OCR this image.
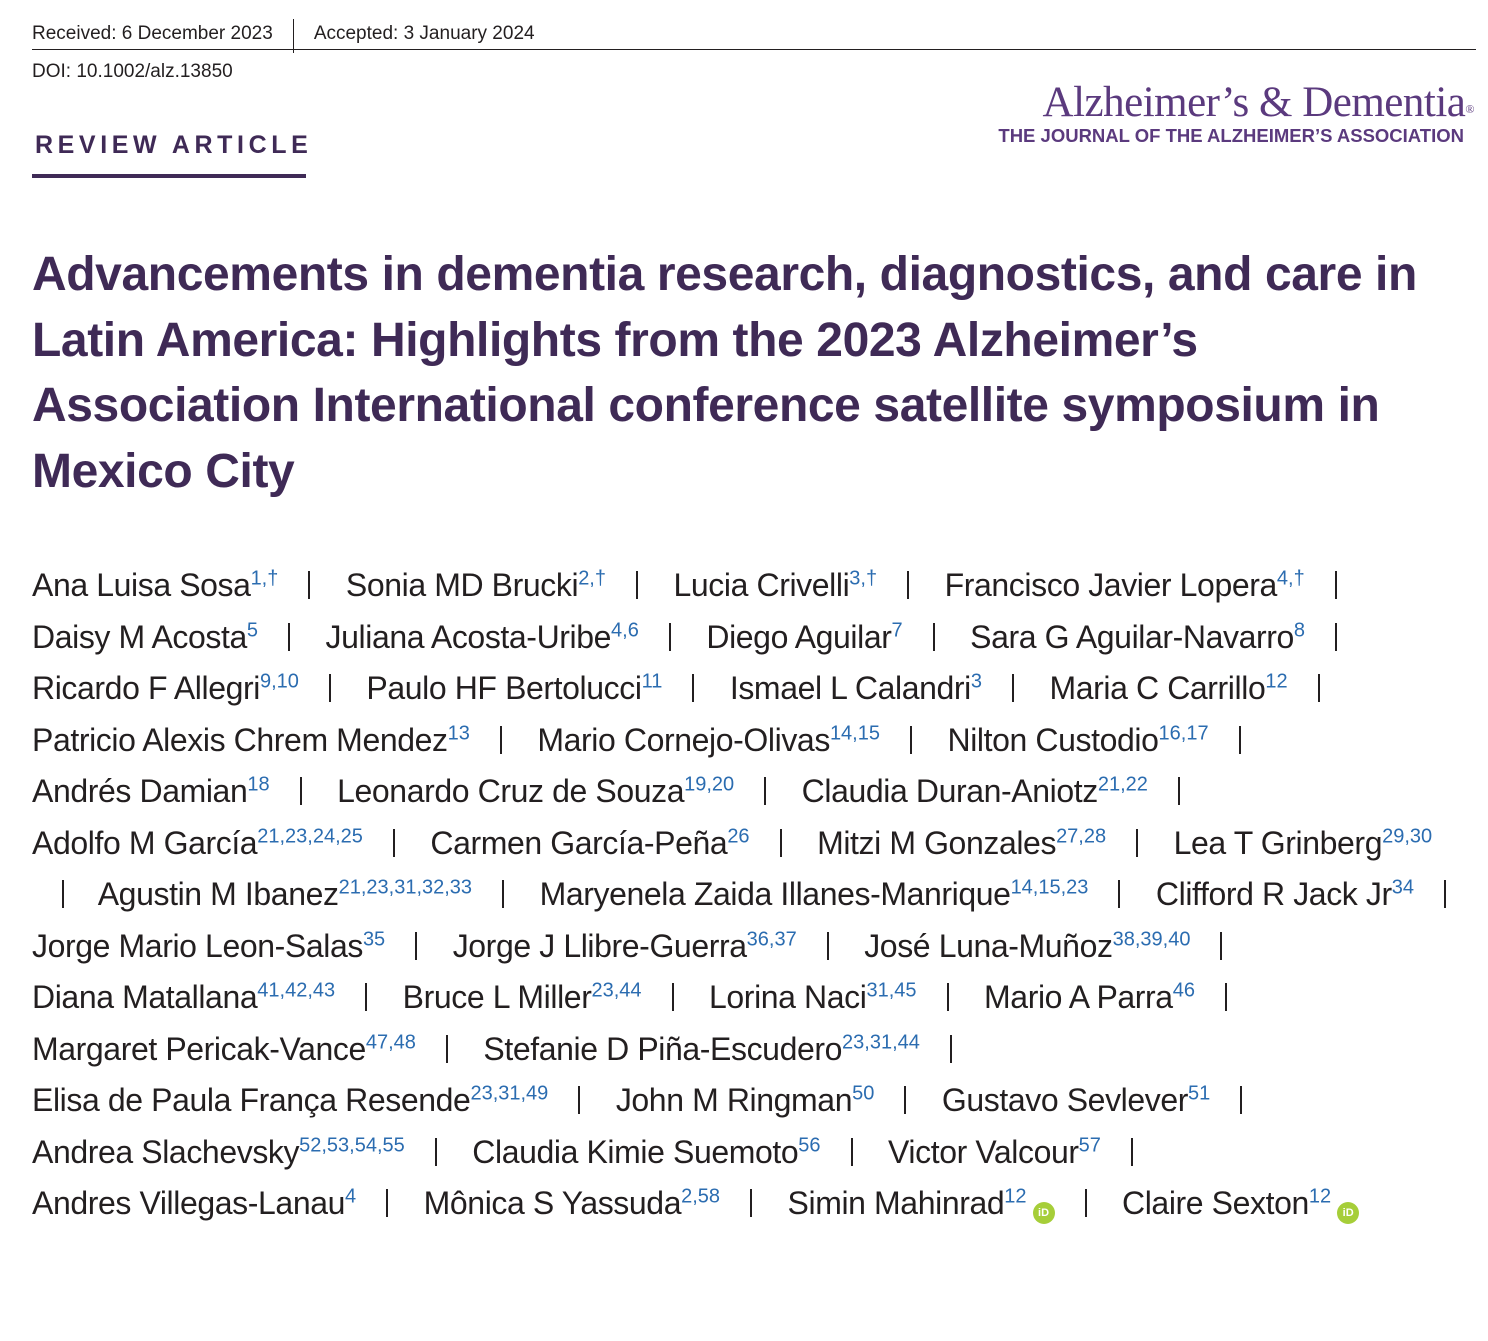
Received: 6 December 2023 Accepted: 3 January 2024
DOI: 10.1002/alz.13850
REVIEW ARTICLE
Alzheimer’s & Dementia®
THE JOURNAL OF THE ALZHEIMER’S ASSOCIATION
Advancements in dementia research, diagnostics, and care in Latin America: Highlights from the 2023 Alzheimer’s Association International conference satellite symposium in Mexico City

Ana Luisa Sosa$^{1,\dagger}$ Sonia MD Brucki$^{2,\dagger}$ Lucia Crivelli$^{3,\dagger}$ Francisco Javier Lopera$^{4,\dagger}$ Daisy M Acosta$^5$ Juliana Acosta-Uribe$^{4,6}$ Diego Aguilar$^7$ Sara G Aguilar-Navarro$^8$ Ricardo F Allegri$^{9,10}$ Paulo HF Bertolucci$^{11}$ Ismael L Calandri$^3$ Maria C Carrillo$^{12}$ Patricio Alexis Chrem Mendez$^{13}$ Mario Cornejo-Olivas$^{14,15}$ Nilton Custodio$^{16,17}$ Andrés Damian$^{18}$ Leonardo Cruz de Souza$^{19,20}$ Claudia Duran-Aniotz$^{21,22}$ Adolfo M García$^{21,23,24,25}$ Carmen García-Peña$^{26}$ Mitzi M Gonzales$^{27,28}$ Lea T Grinberg$^{29,30}$ Agustin M Ibanez$^{21,23,31,32,33}$ Maryenela Zaida Illanes-Manrique$^{14,15,23}$ Clifford R Jack Jr$^{34}$ Jorge Mario Leon-Salas$^{35}$ Jorge J Llibre-Guerra$^{36,37}$ José Luna-Muñoz$^{38,39,40}$ Diana Matallana$^{41,42,43}$ Bruce L Miller$^{23,44}$ Lorina Naci$^{31,45}$ Mario A Parra$^{46}$ Margaret Pericak-Vance$^{47,48}$ Stefanie D Piña-Escudero$^{23,31,44}$ Elisa de Paula França Resende$^{23,31,49}$ John M Ringman$^{50}$ Gustavo Sevlever$^{51}$ Andrea Slachevsky$^{52,53,54,55}$ Claudia Kimie Suemoto$^{56}$ Victor Valcour$^{57}$ Andres Villegas-Lanau$^4$ Mônica S Yassuda$^{2,58}$ Simin Mahinrad$^{12}$iD Claire Sexton$^{12}$iD
